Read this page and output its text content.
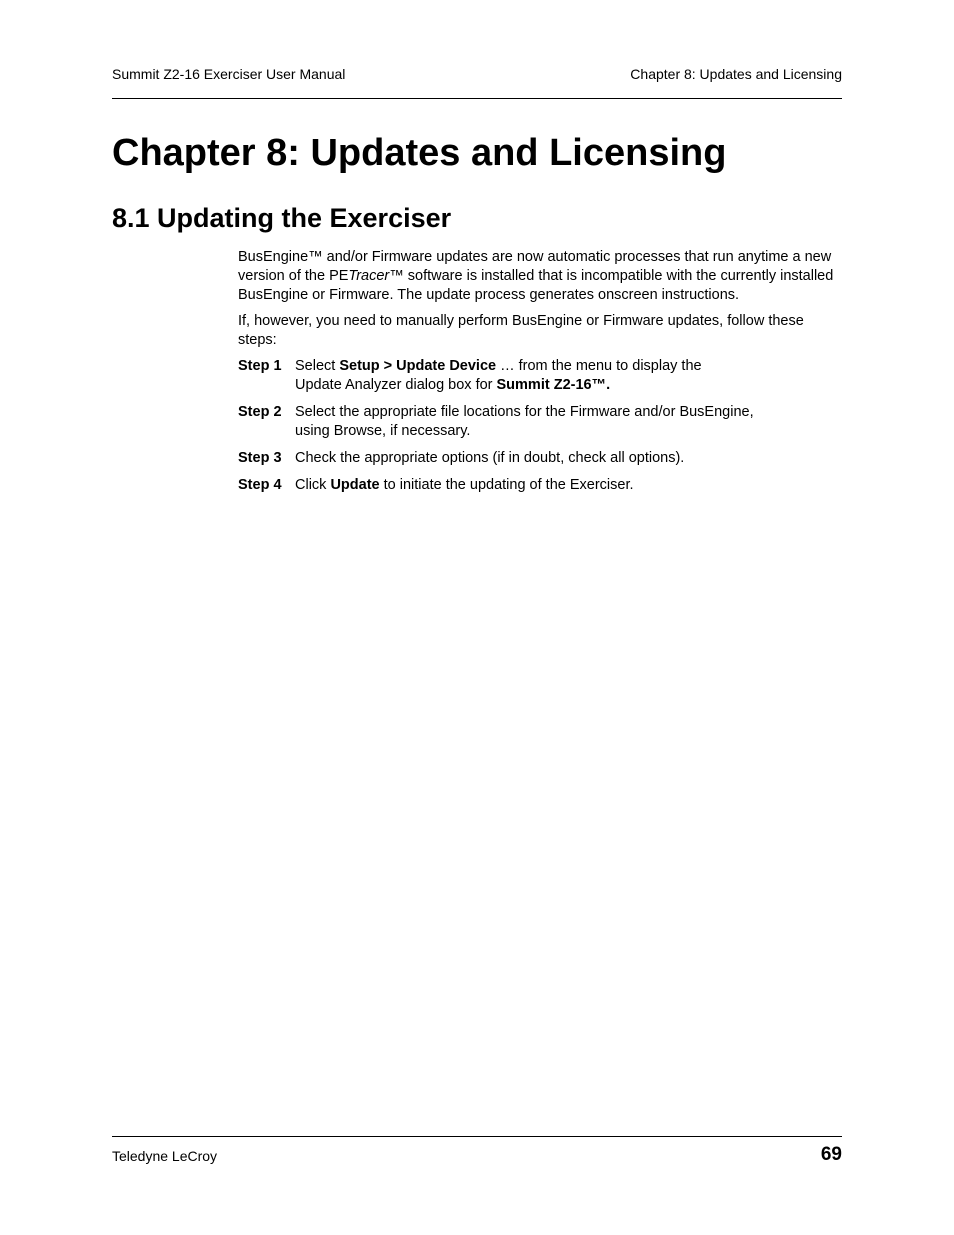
Summit Z2-16 Exerciser User Manual	Chapter 8: Updates and Licensing
Chapter 8: Updates and Licensing
8.1 Updating the Exerciser

BusEngine™ and/or Firmware updates are now automatic processes that run anytime a new version of the PETracer™ software is installed that is incompatible with the currently installed BusEngine or Firmware. The update process generates onscreen instructions.

If, however, you need to manually perform BusEngine or Firmware updates, follow these steps:

Step 1 Select Setup > Update Device … from the menu to display the
Update Analyzer dialog box for Summit Z2-16™.
Step 2 Select the appropriate file locations for the Firmware and/or BusEngine,
using Browse, if necessary.
Step 3 Check the appropriate options (if in doubt, check all options).
Step 4 Click Update to initiate the updating of the Exerciser.
Teledyne LeCroy	69
